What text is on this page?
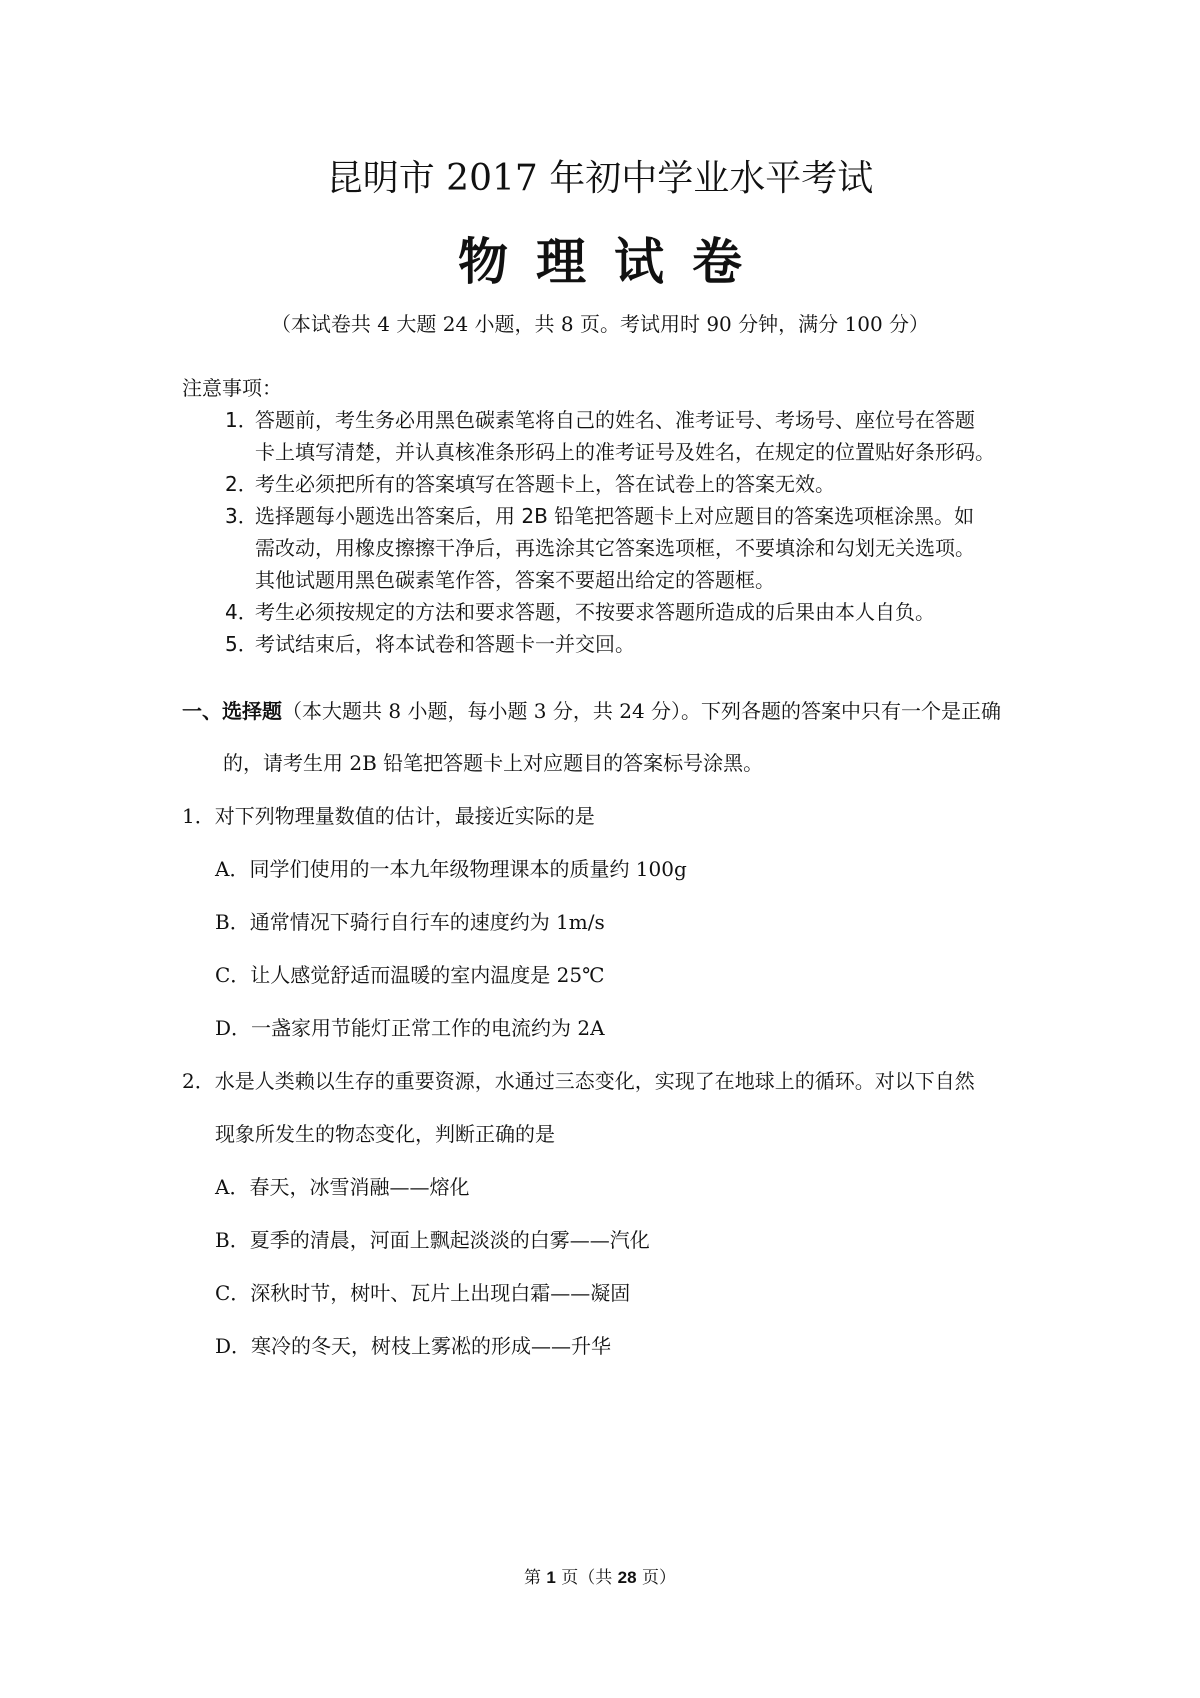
昆明市 2017 年初中学业水平考试
物理试卷
（本试卷共 4 大题 24 小题，共 8 页。考试用时 90 分钟，满分 100 分）
注意事项：
1．答题前，考生务必用黑色碳素笔将自己的姓名、准考证号、考场号、座位号在答题
卡上填写清楚，并认真核准条形码上的准考证号及姓名，在规定的位置贴好条形码。
2．考生必须把所有的答案填写在答题卡上，答在试卷上的答案无效。
3．选择题每小题选出答案后，用 2B 铅笔把答题卡上对应题目的答案选项框涂黑。如
需改动，用橡皮擦擦干净后，再选涂其它答案选项框，不要填涂和勾划无关选项。
其他试题用黑色碳素笔作答，答案不要超出给定的答题框。
4．考生必须按规定的方法和要求答题，不按要求答题所造成的后果由本人自负。
5．考试结束后，将本试卷和答题卡一并交回。
一、选择题（本大题共 8 小题，每小题 3 分，共 24 分）。下列各题的答案中只有一个是正确
的，请考生用 2B 铅笔把答题卡上对应题目的答案标号涂黑。
1．对下列物理量数值的估计，最接近实际的是
A．同学们使用的一本九年级物理课本的质量约 100g
B．通常情况下骑行自行车的速度约为 1m/s
C．让人感觉舒适而温暖的室内温度是 25℃
D．一盏家用节能灯正常工作的电流约为 2A
2．水是人类赖以生存的重要资源，水通过三态变化，实现了在地球上的循环。对以下自然
现象所发生的物态变化，判断正确的是
A．春天，冰雪消融——熔化
B．夏季的清晨，河面上飘起淡淡的白雾——汽化
C．深秋时节，树叶、瓦片上出现白霜——凝固
D．寒冷的冬天，树枝上雾凇的形成——升华
第 1 页（共 28 页）
